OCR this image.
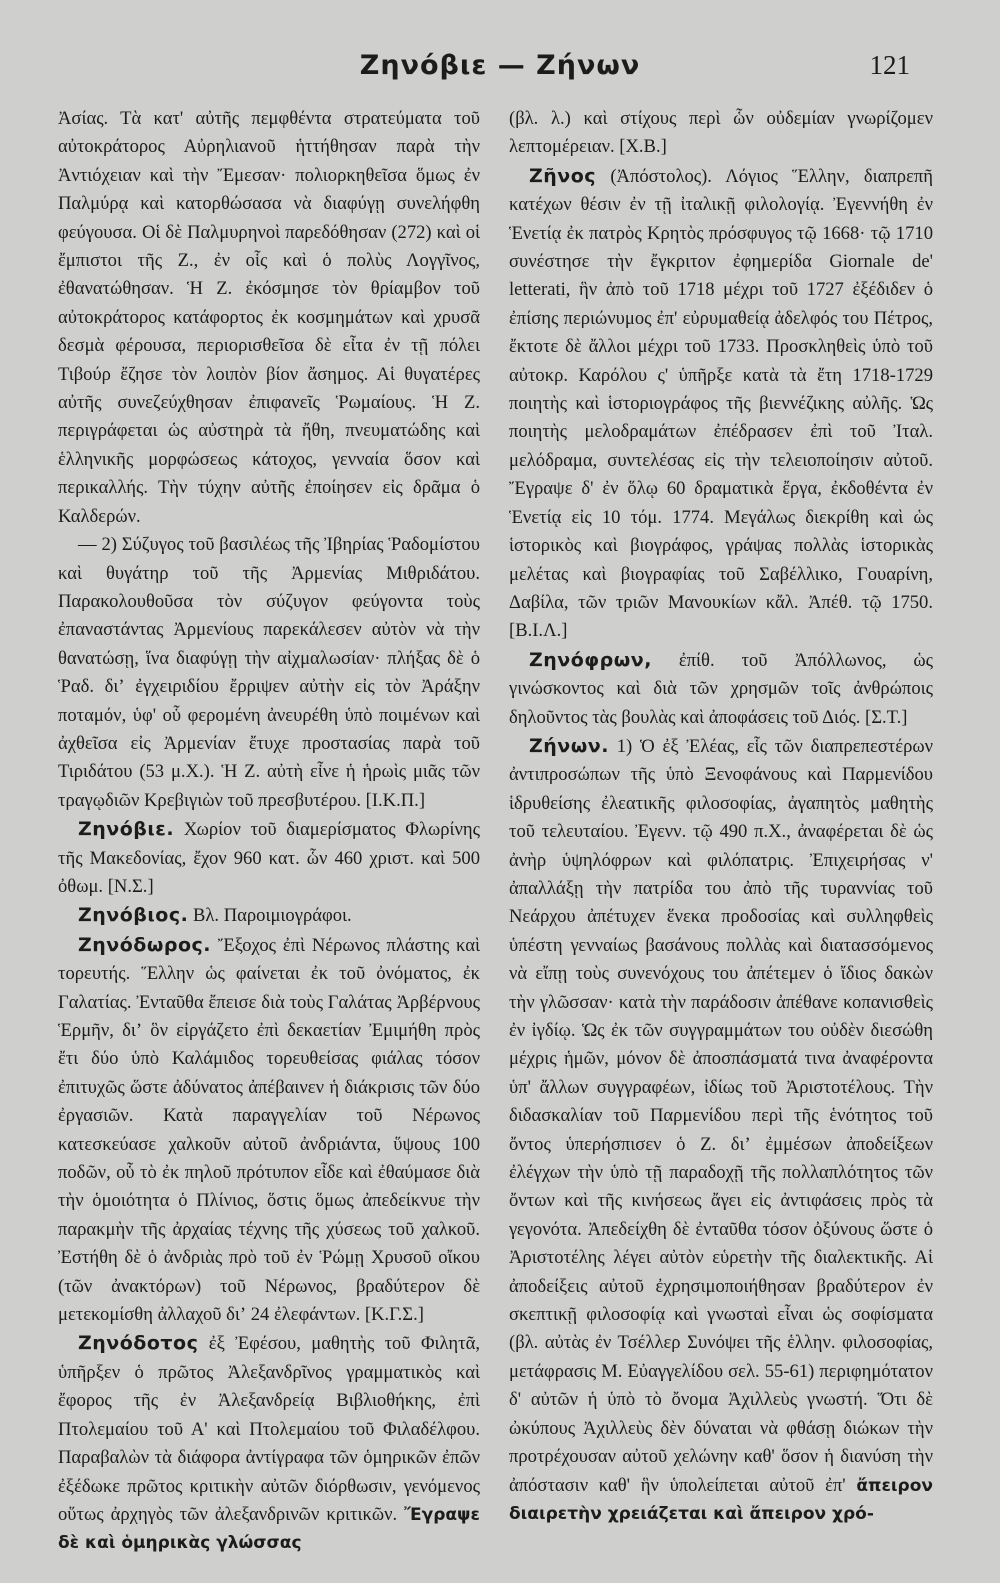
Ζηνόβιε — Ζήνων	121

Ἀσίας. Τὰ κατ' αὐτῆς πεμφθέντα στρατεύματα τοῦ αὐτοκράτορος Αὐρηλιανοῦ ἡττήθησαν παρὰ τὴν Ἀντιόχειαν καὶ τὴν Ἔμεσαν· πολιορκηθεῖσα ὅμως ἐν Παλμύρᾳ καὶ κατορθώσασα νὰ διαφύγῃ συνελήφθη φεύγουσα. Οἱ δὲ Παλμυρηνοὶ παρεδόθησαν (272) καὶ οἱ ἔμπιστοι τῆς Ζ., ἐν οἷς καὶ ὁ πολὺς Λογγῖνος, ἐθανατώθησαν. Ἡ Ζ. ἐκόσμησε τὸν θρίαμβον τοῦ αὐτοκράτορος κατάφορτος ἐκ κοσμημάτων καὶ χρυσᾶ δεσμὰ φέρουσα, περιορισθεῖσα δὲ εἶτα ἐν τῇ πόλει Τιβούρ ἔζησε τὸν λοιπὸν βίον ἄσημος. Αἱ θυγατέρες αὐτῆς συνεζεύχθησαν ἐπιφανεῖς Ῥωμαίους. Ἡ Ζ. περιγράφεται ὡς αὐστηρὰ τὰ ἤθη, πνευματώδης καὶ ἑλληνικῆς μορφώσεως κάτοχος, γενναία ὅσον καὶ περικαλλής. Τὴν τύχην αὐτῆς ἐποίησεν εἰς δρᾶμα ὁ Καλδερών.

— 2) Σύζυγος τοῦ βασιλέως τῆς Ἰβηρίας Ῥαδομίστου καὶ θυγάτηρ τοῦ τῆς Ἀρμενίας Μιθριδάτου. Παρακολουθοῦσα τὸν σύζυγον φεύγοντα τοὺς ἐπαναστάντας Ἀρμενίους παρεκάλεσεν αὐτὸν νὰ τὴν θανατώσῃ, ἵνα διαφύγῃ τὴν αἰχμαλωσίαν· πλήξας δὲ ὁ Ῥαδ. διʼ ἐγχειριδίου ἔρριψεν αὐτὴν εἰς τὸν Ἀράξην ποταμόν, ὑφ' οὗ φερομένη ἀνευρέθη ὑπὸ ποιμένων καὶ ἀχθεῖσα εἰς Ἀρμενίαν ἔτυχε προστασίας παρὰ τοῦ Τιριδάτου (53 μ.Χ.). Ἡ Ζ. αὐτὴ εἶνε ἡ ἡρωὶς μιᾶς τῶν τραγῳδιῶν Κρεβιγιὼν τοῦ πρεσβυτέρου. [Ι.Κ.Π.]

Ζηνόβιε. Χωρίον τοῦ διαμερίσματος Φλωρίνης τῆς Μακεδονίας, ἔχον 960 κατ. ὧν 460 χριστ. καὶ 500 ὀθωμ. [Ν.Σ.]

Ζηνόβιος. Βλ. Παροιμιογράφοι.

Ζηνόδωρος. Ἔξοχος ἐπὶ Νέρωνος πλάστης καὶ τορευτής. Ἕλλην ὡς φαίνεται ἐκ τοῦ ὀνόματος, ἐκ Γαλατίας. Ἐνταῦθα ἔπεισε διὰ τοὺς Γαλάτας Ἀρβέρνους Ἑρμῆν, διʼ ὃν εἰργάζετο ἐπὶ δεκαετίαν Ἐμιμήθη πρὸς ἔτι δύο ὑπὸ Καλάμιδος τορευθείσας φιάλας τόσον ἐπιτυχῶς ὥστε ἀδύνατος ἀπέβαινεν ἡ διάκρισις τῶν δύο ἐργασιῶν. Κατὰ παραγγελίαν τοῦ Νέρωνος κατεσκεύασε χαλκοῦν αὐτοῦ ἀνδριάντα, ὕψους 100 ποδῶν, οὗ τὸ ἐκ πηλοῦ πρότυπον εἶδε καὶ ἐθαύμασε διὰ τὴν ὁμοιότητα ὁ Πλίνιος, ὅστις ὅμως ἀπεδείκνυε τὴν παρακμὴν τῆς ἀρχαίας τέχνης τῆς χύσεως τοῦ χαλκοῦ. Ἐστήθη δὲ ὁ ἀνδριὰς πρὸ τοῦ ἐν Ῥώμῃ Χρυσοῦ οἴκου (τῶν ἀνακτόρων) τοῦ Νέρωνος, βραδύτερον δὲ μετεκομίσθη ἀλλαχοῦ διʼ 24 ἐλεφάντων. [Κ.Γ.Σ.]

Ζηνόδοτος ἐξ Ἐφέσου, μαθητὴς τοῦ Φιλητᾶ, ὑπῆρξεν ὁ πρῶτος Ἀλεξανδρῖνος γραμματικὸς καὶ ἔφορος τῆς ἐν Ἀλεξανδρείᾳ Βιβλιοθήκης, ἐπὶ Πτολεμαίου τοῦ Α' καὶ Πτολεμαίου τοῦ Φιλαδέλφου. Παραβαλὼν τὰ διάφορα ἀντίγραφα τῶν ὁμηρικῶν ἐπῶν ἐξέδωκε πρῶτος κριτικὴν αὐτῶν διόρθωσιν, γενόμενος οὕτως ἀρχηγὸς τῶν ἀλεξανδρινῶν κριτικῶν. Ἔγραψε δὲ καὶ ὁμηρικὰς γλώσσας

(βλ. λ.) καὶ στίχους περὶ ὧν οὐδεμίαν γνωρίζομεν λεπτομέρειαν. [Χ.Β.]

Ζῆνος (Ἀπόστολος). Λόγιος Ἕλλην, διαπρεπῆ κατέχων θέσιν ἐν τῇ ἰταλικῇ φιλολογίᾳ. Ἐγεννήθη ἐν Ἑνετίᾳ ἐκ πατρὸς Κρητὸς πρόσφυγος τῷ 1668· τῷ 1710 συνέστησε τὴν ἔγκριτον ἐφημερίδα Giornale de' letterati, ἣν ἀπὸ τοῦ 1718 μέχρι τοῦ 1727 ἐξέδιδεν ὁ ἐπίσης περιώνυμος ἐπ' εὐρυμαθείᾳ ἀδελφός του Πέτρος, ἔκτοτε δὲ ἄλλοι μέχρι τοῦ 1733. Προσκληθεὶς ὑπὸ τοῦ αὐτοκρ. Καρόλου ς' ὑπῆρξε κατὰ τὰ ἔτη 1718-1729 ποιητὴς καὶ ἱστοριογράφος τῆς βιεννέζικης αὐλῆς. Ὡς ποιητὴς μελοδραμάτων ἐπέδρασεν ἐπὶ τοῦ Ἰταλ. μελόδραμα, συντελέσας εἰς τὴν τελειοποίησιν αὐτοῦ. Ἔγραψε δ' ἐν ὅλῳ 60 δραματικὰ ἔργα, ἐκδοθέντα ἐν Ἑνετίᾳ εἰς 10 τόμ. 1774. Μεγάλως διεκρίθη καὶ ὡς ἱστορικὸς καὶ βιογράφος, γράψας πολλὰς ἱστορικὰς μελέτας καὶ βιογραφίας τοῦ Σαβέλλικο, Γουαρίνη, Δαβίλα, τῶν τριῶν Μανουκίων κἄλ. Ἀπέθ. τῷ 1750. [Β.Ι.Λ.]

Ζηνόφρων, ἐπίθ. τοῦ Ἀπόλλωνος, ὡς γινώσκοντος καὶ διὰ τῶν χρησμῶν τοῖς ἀνθρώποις δηλοῦντος τὰς βουλὰς καὶ ἀποφάσεις τοῦ Διός. [Σ.Τ.]

Ζήνων. 1) Ὁ ἐξ Ἐλέας, εἷς τῶν διαπρεπεστέρων ἀντιπροσώπων τῆς ὑπὸ Ξενοφάνους καὶ Παρμενίδου ἱδρυθείσης ἐλεατικῆς φιλοσοφίας, ἀγαπητὸς μαθητὴς τοῦ τελευταίου. Ἐγενν. τῷ 490 π.Χ., ἀναφέρεται δὲ ὡς ἀνὴρ ὑψηλόφρων καὶ φιλόπατρις. Ἐπιχειρήσας ν' ἀπαλλάξῃ τὴν πατρίδα του ἀπὸ τῆς τυραννίας τοῦ Νεάρχου ἀπέτυχεν ἕνεκα προδοσίας καὶ συλληφθεὶς ὑπέστη γενναίως βασάνους πολλὰς καὶ διατασσόμενος νὰ εἴπῃ τοὺς συνενόχους του ἀπέτεμεν ὁ ἴδιος δακὼν τὴν γλῶσσαν· κατὰ τὴν παράδοσιν ἀπέθανε κοπανισθεὶς ἐν ἰγδίῳ. Ὡς ἐκ τῶν συγγραμμάτων του οὐδὲν διεσώθη μέχρις ἡμῶν, μόνον δὲ ἀποσπάσματά τινα ἀναφέροντα ὑπ' ἄλλων συγγραφέων, ἰδίως τοῦ Ἀριστοτέλους. Τὴν διδασκαλίαν τοῦ Παρμενίδου περὶ τῆς ἑνότητος τοῦ ὄντος ὑπερήσπισεν ὁ Ζ. διʼ ἐμμέσων ἀποδείξεων ἐλέγχων τὴν ὑπὸ τῇ παραδοχῇ τῆς πολλαπλότητος τῶν ὄντων καὶ τῆς κινήσεως ἄγει εἰς ἀντιφάσεις πρὸς τὰ γεγονότα. Ἀπεδείχθη δὲ ἐνταῦθα τόσον ὀξύνους ὥστε ὁ Ἀριστοτέλης λέγει αὐτὸν εὑρετὴν τῆς διαλεκτικῆς. Αἱ ἀποδείξεις αὐτοῦ ἐχρησιμοποιήθησαν βραδύτερον ἐν σκεπτικῇ φιλοσοφίᾳ καὶ γνωσταὶ εἶναι ὡς σοφίσματα (βλ. αὐτὰς ἐν Τσέλλερ Συνόψει τῆς ἑλλην. φιλοσοφίας, μετάφρασις Μ. Εὐαγγελίδου σελ. 55-61) περιφημότατον δ' αὐτῶν ἡ ὑπὸ τὸ ὄνομα Ἀχιλλεὺς γνωστή. Ὅτι δὲ ὠκύπους Ἀχιλλεὺς δὲν δύναται νὰ φθάσῃ διώκων τὴν προτρέχουσαν αὐτοῦ χελώνην καθ' ὅσον ἡ διανύση τὴν ἀπόστασιν καθ' ἣν ὑπολείπεται αὐτοῦ ἐπ' ἄπειρον διαιρετὴν χρειάζεται καὶ ἄπειρον χρό-
